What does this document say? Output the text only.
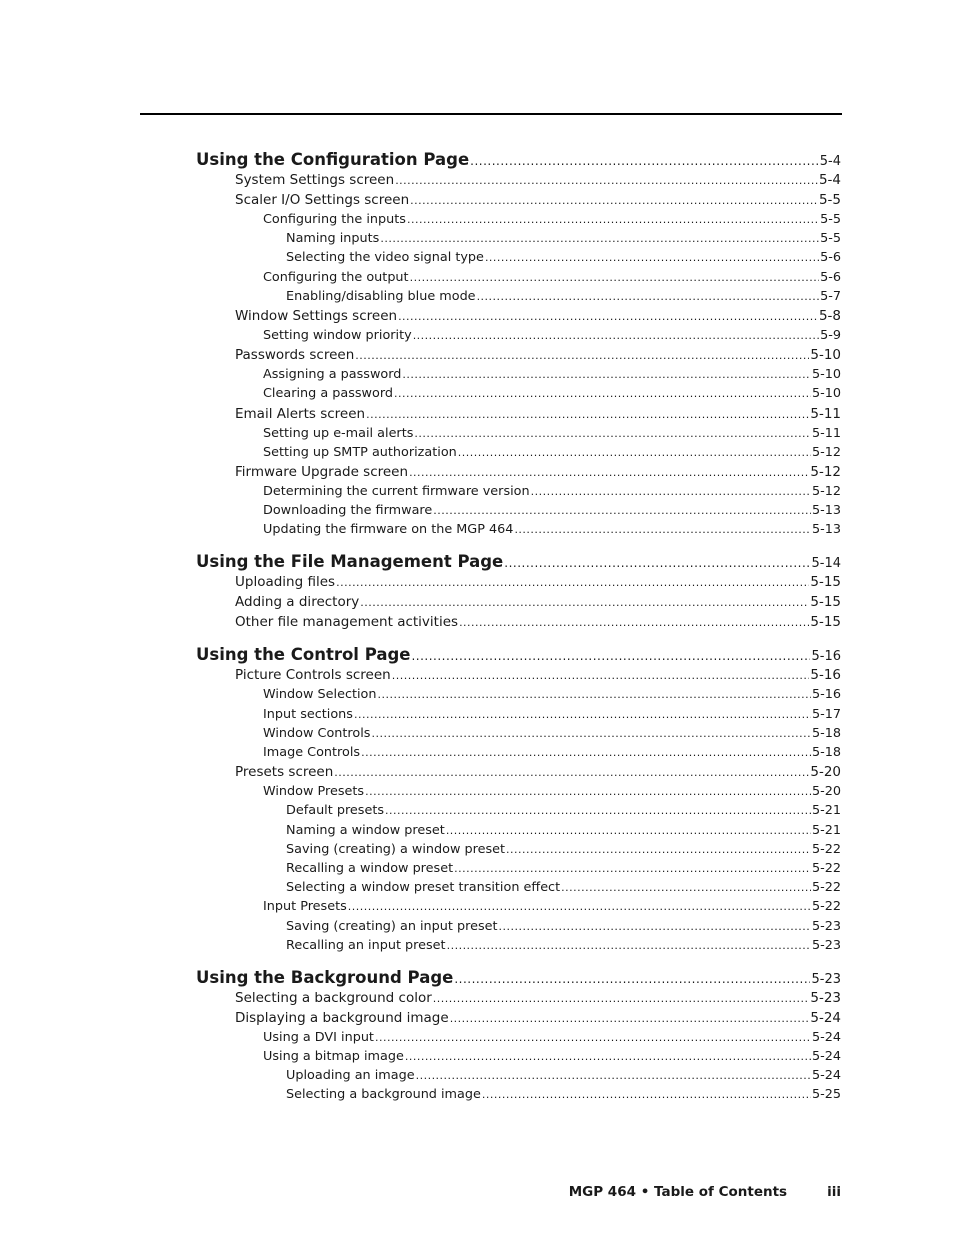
Using the Configuration Page .....	5-4
System Settings screen .....	5-4
Scaler I/O Settings screen .....	5-5
Configuring the inputs .....	5-5
Naming inputs .....	5-5
Selecting the video signal type .....	5-6
Configuring the output .....	5-6
Enabling/disabling blue mode .....	5-7
Window Settings screen .....	5-8
Setting window priority .....	5-9
Passwords screen .....	5-10
Assigning a password .....	5-10
Clearing a password .....	5-10
Email Alerts screen .....	5-11
Setting up e-mail alerts .....	5-11
Setting up SMTP authorization .....	5-12
Firmware Upgrade screen .....	5-12
Determining the current firmware version .....	5-12
Downloading the firmware .....	5-13
Updating the firmware on the MGP 464 .....	5-13
Using the File Management Page .....	5-14
Uploading files .....	5-15
Adding a directory .....	5-15
Other file management activities .....	5-15
Using the Control Page .....	5-16
Picture Controls screen .....	5-16
Window Selection .....	5-16
Input sections .....	5-17
Window Controls .....	5-18
Image Controls .....	5-18
Presets screen .....	5-20
Window Presets .....	5-20
Default presets .....	5-21
Naming a window preset .....	5-21
Saving (creating) a window preset .....	5-22
Recalling a window preset .....	5-22
Selecting a window preset transition effect .....	5-22
Input Presets .....	5-22
Saving (creating) an input preset .....	5-23
Recalling an input preset .....	5-23
Using the Background Page .....	5-23
Selecting a background color .....	5-23
Displaying a background image .....	5-24
Using a DVI input .....	5-24
Using a bitmap image .....	5-24
Uploading an image .....	5-24
Selecting a background image .....	5-25
MGP 464 • Table of Contents	iii
